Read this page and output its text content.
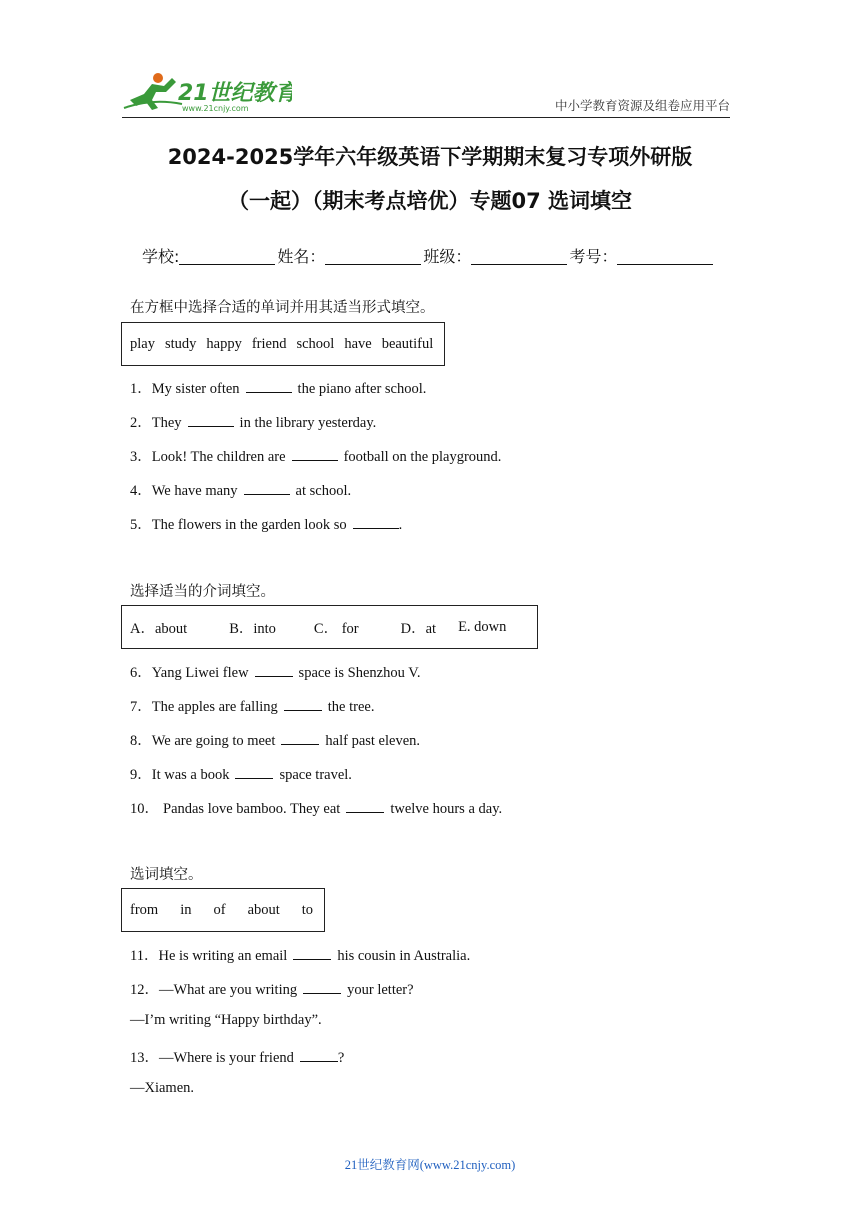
21世纪教育
www.21cnjy.com	中小学教育资源及组卷应用平台
2024-2025学年六年级英语下学期期末复习专项外研版
（一起）（期末考点培优）专题07 选词填空
学校:	姓名：	班级：	考号：
在方框中选择合适的单词并用其适当形式填空。
play study happy friend school have beautiful
1．My sister often	the piano after school.
2．They	in the library yesterday.
3．Look! The children are	football on the playground.
4．We have many	at school.
5．The flowers in the garden look so	.
选择适当的介词填空。
A．about	B．into	C． for	D．at E. down
6．Yang Liwei flew	space is Shenzhou V.
7．The apples are falling	the tree.
8．We are going to meet	half past eleven.
9．It was a book	space travel.
10． Pandas love bamboo. They eat	twelve hours a day.
选词填空。
from in of about to
11．He is writing an email	his cousin in Australia.
12．—What are you writing	your letter?
—I’m writing “Happy birthday”.
13．—Where is your friend	?
—Xiamen.
21世纪教育网(www.21cnjy.com)
